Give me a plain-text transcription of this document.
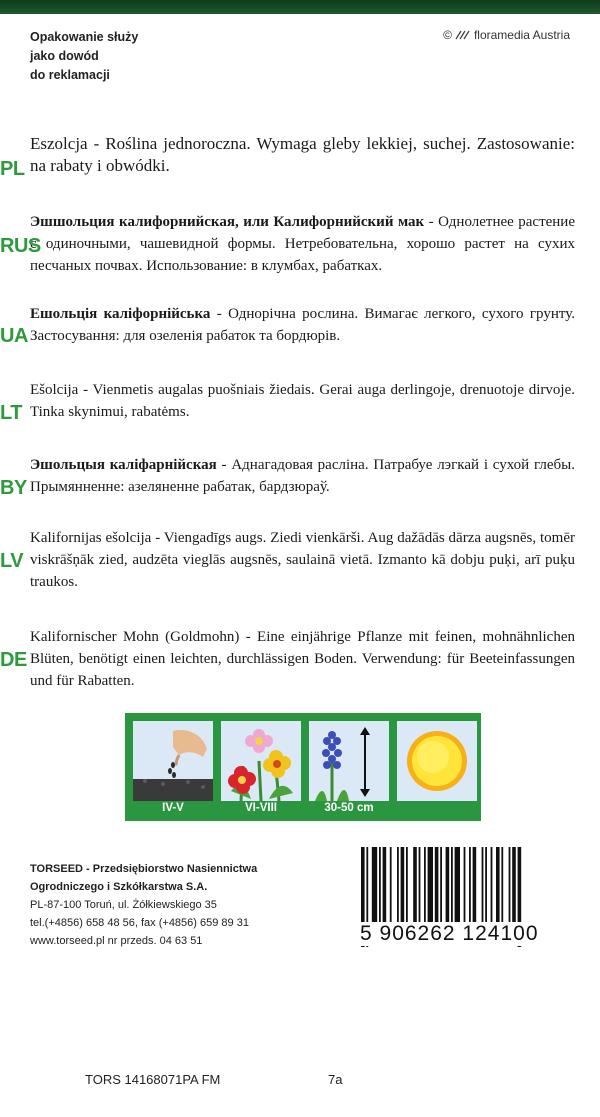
Opakowanie służy
jako dowód
do reklamacji
© floramedia Austria
Eszolcja - Roślina jednoroczna. Wymaga gleby lekkiej, suchej. Zastosowanie: na rabaty i obwódki.
PL
Эшшольция калифорнийская, или Калифорнийский мак - Однолетнее растение с одиночными, чашевидной формы. Нетребовательна, хорошо растет на сухих песчаных почвах. Использование: в клумбах, рабатках.
RUS
Ешольція каліфорнійська - Однорічна рослина. Вимагає легкого, сухого грунту. Застосування: для озеленія рабаток та бордюрів.
UA
Ešolcija - Vienmetis augalas puošniais žiedais. Gerai auga derlingoje, drenuotoje dirvoje. Tinka skynimui, rabatėms.
LT
Эшольцыя каліфарнійская - Аднагадовая расліна. Патрабуе лэгкай і сухой глебы. Прымянненне: азеляненне рабатак, бардзюраў.
BY
Kalifornijas ešolcija - Viengadīgs augs. Ziedi vienkārši. Aug dažādās dārza augsnēs, tomēr viskrāšņāk zied, audzēta vieglās augsnēs, saulainā vietā. Izmanto kā dobju puķi, arī puķu traukos.
LV
Kalifornischer Mohn (Goldmohn) - Eine einjährige Pflanze mit feinen, mohnähnlichen Blüten, benötigt einen leichten, durchlässigen Boden. Verwendung: für Beeteinfassungen und für Rabatten.
DE
IV-V	VI-VIII	30-50 cm
TORSEED - Przedsiębiorstwo Nasiennictwa
Ogrodniczego i Szkółkarstwa S.A.
PL-87-100 Toruń, ul. Żółkiewskiego 35
tel.(+4856) 658 48 56, fax (+4856) 659 89 31
www.torseed.pl nr przeds. 04 63 51	5 906262 124100
TORS 14168071PA FM	7a
